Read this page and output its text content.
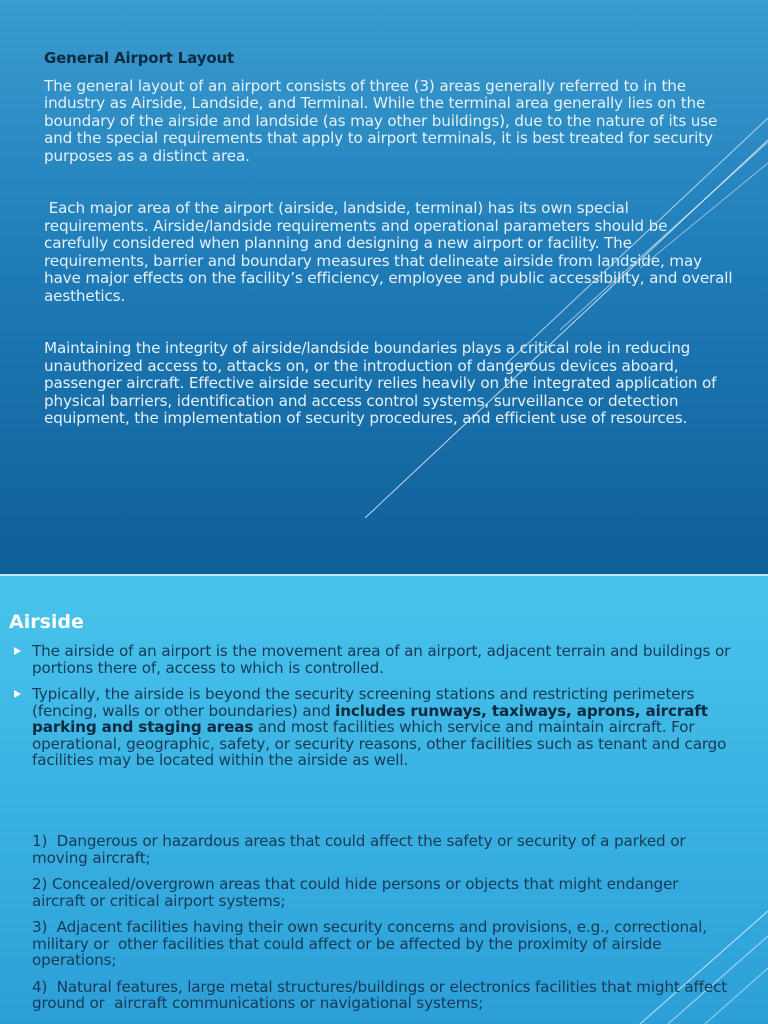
General Airport Layout

The general layout of an airport consists of three (3) areas generally referred to in the industry as Airside, Landside, and Terminal. While the terminal area generally lies on the boundary of the airside and landside (as may other buildings), due to the nature of its use and the special requirements that apply to airport terminals, it is best treated for security purposes as a distinct area.

Each major area of the airport (airside, landside, terminal) has its own special requirements. Airside/landside requirements and operational parameters should be carefully considered when planning and designing a new airport or facility. The requirements, barrier and boundary measures that delineate airside from landside, may have major effects on the facility’s efficiency, employee and public accessibility, and overall aesthetics.

Maintaining the integrity of airside/landside boundaries plays a critical role in reducing unauthorized access to, attacks on, or the introduction of dangerous devices aboard, passenger aircraft. Effective airside security relies heavily on the integrated application of physical barriers, identification and access control systems, surveillance or detection equipment, the implementation of security procedures, and efficient use of resources.

Airside
The airside of an airport is the movement area of an airport, adjacent terrain and buildings or portions there of, access to which is controlled.
Typically, the airside is beyond the security screening stations and restricting perimeters (fencing, walls or other boundaries) and includes runways, taxiways, aprons, aircraft parking and staging areas and most facilities which service and maintain aircraft. For operational, geographic, safety, or security reasons, other facilities such as tenant and cargo facilities may be located within the airside as well.

1)  Dangerous or hazardous areas that could affect the safety or security of a parked or moving aircraft;

2) Concealed/overgrown areas that could hide persons or objects that might endanger aircraft or critical airport systems;

3)  Adjacent facilities having their own security concerns and provisions, e.g., correctional, military or  other facilities that could affect or be affected by the proximity of airside operations;

4)  Natural features, large metal structures/buildings or electronics facilities that might affect ground or  aircraft communications or navigational systems;
